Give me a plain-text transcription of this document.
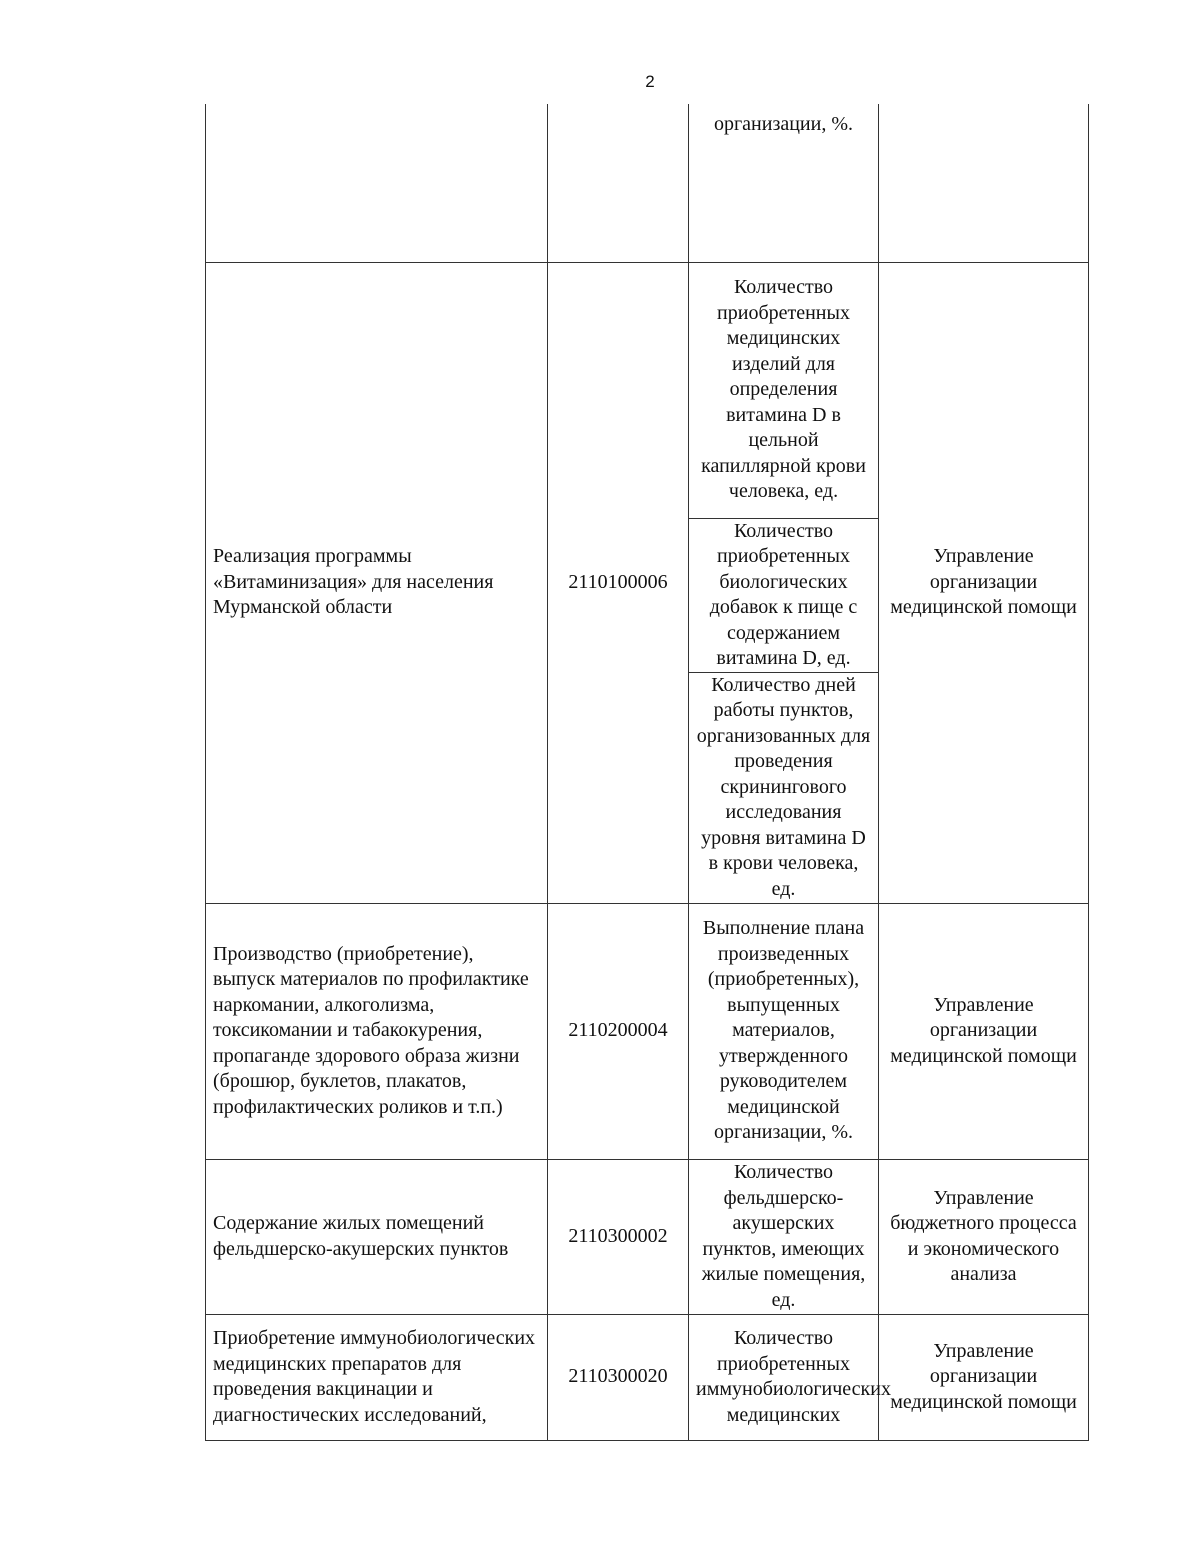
2

		организации, %.	

Реализация программы «Витаминизация» для населения Мурманской области	2110100006	Количество приобретенных медицинских изделий для определения витамина D в цельной капиллярной крови человека, ед.	Управление организации медицинской помощи
		Количество приобретенных биологических добавок к пище с содержанием витамина D, ед.	
		Количество дней работы пунктов, организованных для проведения скринингового исследования уровня витамина D в крови человека, ед.	
Производство (приобретение), выпуск материалов по профилактике наркомании, алкоголизма, токсикомании и табакокурения, пропаганде здорового образа жизни (брошюр, буклетов, плакатов, профилактических роликов и т.п.)	2110200004	Выполнение плана произведенных (приобретенных), выпущенных материалов, утвержденного руководителем медицинской организации, %.	Управление организации медицинской помощи
Содержание жилых помещений фельдшерско-акушерских пунктов	2110300002	Количество фельдшерско-акушерских пунктов, имеющих жилые помещения, ед.	Управление бюджетного процесса и экономического анализа
Приобретение иммунобиологических медицинских препаратов для проведения вакцинации и диагностических исследований,	2110300020	Количество приобретенных иммунобиологических медицинских	Управление организации медицинской помощи
